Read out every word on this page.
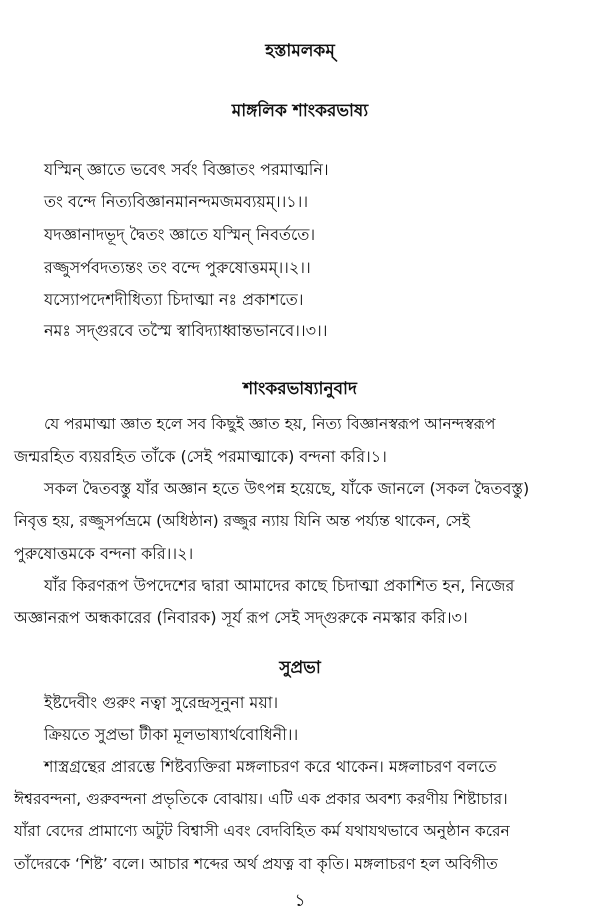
হস্তামলকম্
মাঙ্গলিক শাংকরভাষ্য
যস্মিন্ জ্ঞাতে ভবেৎ সর্বং বিজ্ঞাতং পরমাত্মনি।
তং বন্দে নিত্যবিজ্ঞানমানন্দমজমব্যয়ম্।।১।।
যদজ্ঞানাদভূদ্ দ্বৈতং জ্ঞাতে যস্মিন্ নিবর্ততে।
রজ্জুসর্পবদত্যন্তং তং বন্দে পুরুষোত্তমম্।।২।।
যস্যোপদেশদীধিত্যা চিদাত্মা নঃ প্রকাশতে।
নমঃ সদ্গুরবে তস্মৈ স্বাবিদ্যাধ্বান্তভানবে।।৩।।
শাংকরভাষ্যানুবাদ
যে পরমাত্মা জ্ঞাত হলে সব কিছুই জ্ঞাত হয়, নিত্য বিজ্ঞানস্বরূপ আনন্দস্বরূপ
জন্মরহিত ব্যয়রহিত তাঁকে (সেই পরমাত্মাকে) বন্দনা করি।১।
সকল দ্বৈতবস্তু যাঁর অজ্ঞান হতে উৎপন্ন হয়েছে, যাঁকে জানলে (সকল দ্বৈতবস্তু)
নিবৃত্ত হয়, রজ্জুসর্পভ্রমে (অধিষ্ঠান) রজ্জুর ন্যায় যিনি অন্ত পর্য্যন্ত থাকেন, সেই
পুরুষোত্তমকে বন্দনা করি।।২।
যাঁর কিরণরূপ উপদেশের দ্বারা আমাদের কাছে চিদাত্মা প্রকাশিত হন, নিজের
অজ্ঞানরূপ অন্ধকারের (নিবারক) সূর্য রূপ সেই সদ্গুরুকে নমস্কার করি।৩।
সুপ্রভা
ইষ্টদেবীং গুরুং নত্বা সুরেন্দ্রসূনুনা ময়া।
ক্রিয়তে সুপ্রভা টীকা মূলভাষ্যার্থবোধিনী।।
শাস্ত্রগ্রন্থের প্রারম্ভে শিষ্টব্যক্তিরা মঙ্গলাচরণ করে থাকেন। মঙ্গলাচরণ বলতে
ঈশ্বরবন্দনা, গুরুবন্দনা প্রভৃতিকে বোঝায়। এটি এক প্রকার অবশ্য করণীয় শিষ্টাচার।
যাঁরা বেদের প্রামাণ্যে অটুট বিশ্বাসী এবং বেদবিহিত কর্ম যথাযথভাবে অনুষ্ঠান করেন
তাঁদেরকে ‘শিষ্ট’ বলে। আচার শব্দের অর্থ প্রযত্ন বা কৃতি। মঙ্গলাচরণ হল অবিগীত
১
